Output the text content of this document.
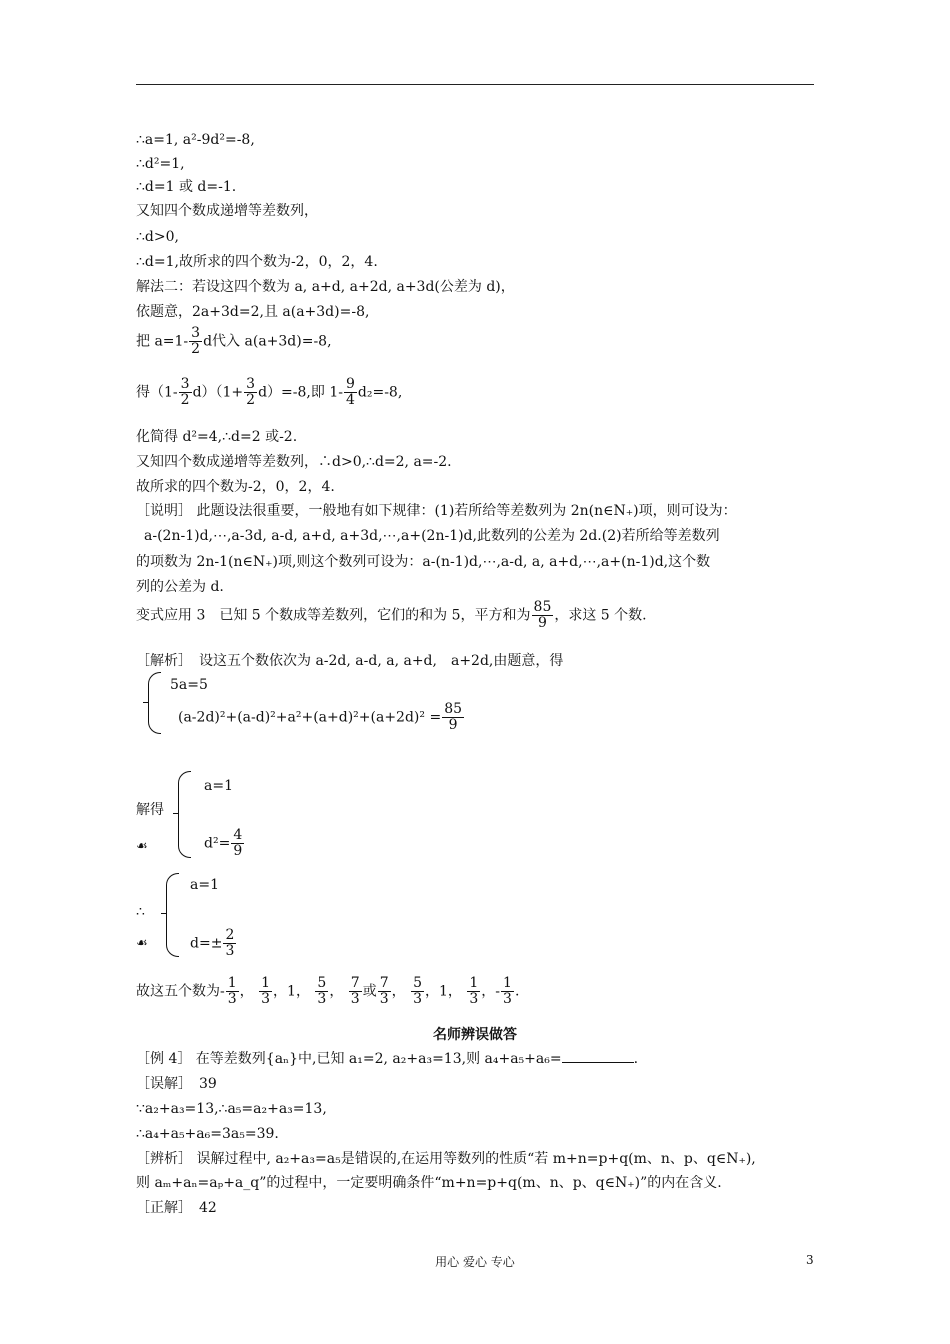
∴a=1, a²-9d²=-8,
∴d²=1,
∴d=1 或 d=-1.
又知四个数成递增等差数列，
∴d>0,
∴d=1,故所求的四个数为-2，0，2，4.
解法二：若设这四个数为 a, a+d, a+2d, a+3d(公差为 d)，
依题意，2a+3d=2,且 a(a+3d)=-8,
把 $a=1- \frac{3}{2}$ d代入 a(a+3d)=-8,
得$(1- \frac{3}{2} d)(1+ \frac{3}{2} d)=-8$,即 $1- \frac{9}{4} d_2=-8$,
化简得 d²=4,∴d=2 或-2.
又知四个数成递增等差数列，∴d>0,∴d=2, a=-2.
故所求的四个数为-2，0，2，4.
［说明］ 此题设法很重要，一般地有如下规律：(1)若所给等差数列为 2n(n∈N₊)项，则可设为：
a-(2n-1)d,⋯,a-3d, a-d, a+d, a+3d,⋯,a+(2n-1)d,此数列的公差为 2d.(2)若所给等差数列
的项数为 2n-1(n∈N₊)项,则这个数列可设为：a-(n-1)d,⋯,a-d, a, a+d,⋯,a+(n-1)d,这个数
列的公差为 d.
变式应用 3　已知 5 个数成等差数列，它们的和为 5，平方和为 $\frac{85}{9}$ ，求这 5 个数.
［解析］　设这五个数依次为 a-2d, a-d, a, a+d,　a+2d,由题意，得
5a=5
$(a-2d)^2+(a-d)^2+a^2+(a+d)^2+(a+2d)^2 = \frac{85}{9}$
解得
☙
a=1
$d^2= \frac{4}{9}$
∴
☙
a=1
$d=\pm \frac{2}{3}$
故这五个数为- $\frac{1}{3}$ ， $\frac{1}{3}$ ，1， $\frac{5}{3}$ ， $\frac{7}{3}$ 或 $\frac{7}{3}$ ， $\frac{5}{3}$ ，1， $\frac{1}{3}$ ，- $\frac{1}{3}$ .
名师辨误做答
［例 4］ 在等差数列{aₙ}中,已知 a₁=2, a₂+a₃=13,则 a₄+a₅+a₆=	.
［误解］　39
∵a₂+a₃=13,∴a₅=a₂+a₃=13,
∴a₄+a₅+a₆=3a₅=39.
［辨析］ 误解过程中, a₂+a₃=a₅是错误的,在运用等数列的性质“若 m+n=p+q(m、n、p、q∈N₊),
则 aₘ+aₙ=aₚ+a_q”的过程中，一定要明确条件“m+n=p+q(m、n、p、q∈N₊)”的内在含义.
［正解］　42
用心 爱心 专心	3
